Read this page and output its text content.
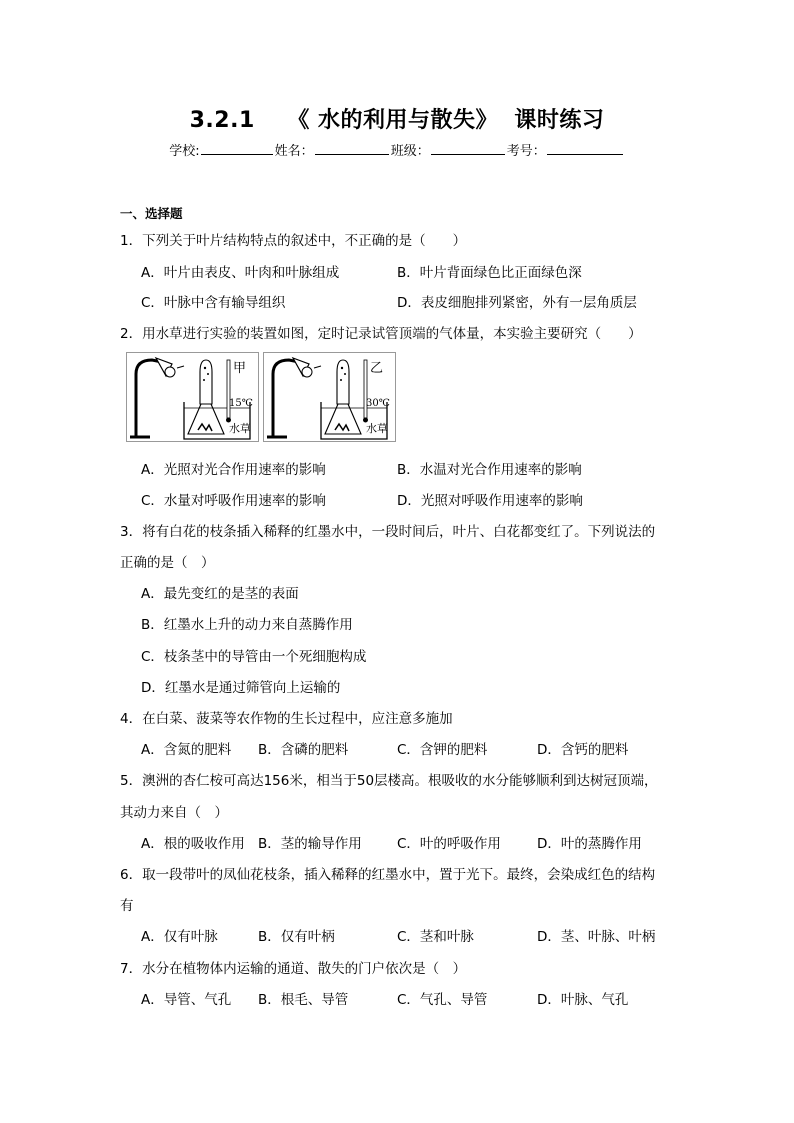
3.2.1    《 水的利用与散失》  课时练习
学校:	姓名：	班级：	考号：
一、选择题
1．下列关于叶片结构特点的叙述中，不正确的是（　　）
A．叶片由表皮、叶肉和叶脉组成	B．叶片背面绿色比正面绿色深
C．叶脉中含有输导组织	D．表皮细胞排列紧密，外有一层角质层
2．用水草进行实验的装置如图，定时记录试管顶端的气体量，本实验主要研究（　　）
甲
15℃
水草
乙
30℃
水草
A．光照对光合作用速率的影响	B．水温对光合作用速率的影响
C．水量对呼吸作用速率的影响	D．光照对呼吸作用速率的影响
3．将有白花的枝条插入稀释的红墨水中，一段时间后，叶片、白花都变红了。下列说法的
正确的是（　）
A．最先变红的是茎的表面
B．红墨水上升的动力来自蒸腾作用
C．枝条茎中的导管由一个死细胞构成
D．红墨水是通过筛管向上运输的
4．在白菜、菠菜等农作物的生长过程中，应注意多施加
A．含氮的肥料 B．含磷的肥料	C．含钾的肥料	D．含钙的肥料
5．澳洲的杏仁桉可高达156米，相当于50层楼高。根吸收的水分能够顺利到达树冠顶端，
其动力来自（　）
A．根的吸收作用 B．茎的输导作用	C．叶的呼吸作用	D．叶的蒸腾作用
6．取一段带叶的凤仙花枝条，插入稀释的红墨水中，置于光下。最终，会染成红色的结构
有
A．仅有叶脉	B．仅有叶柄	C．茎和叶脉	D．茎、叶脉、叶柄
7．水分在植物体内运输的通道、散失的门户依次是（　）
A．导管、气孔 B．根毛、导管	C．气孔、导管	D．叶脉、气孔
